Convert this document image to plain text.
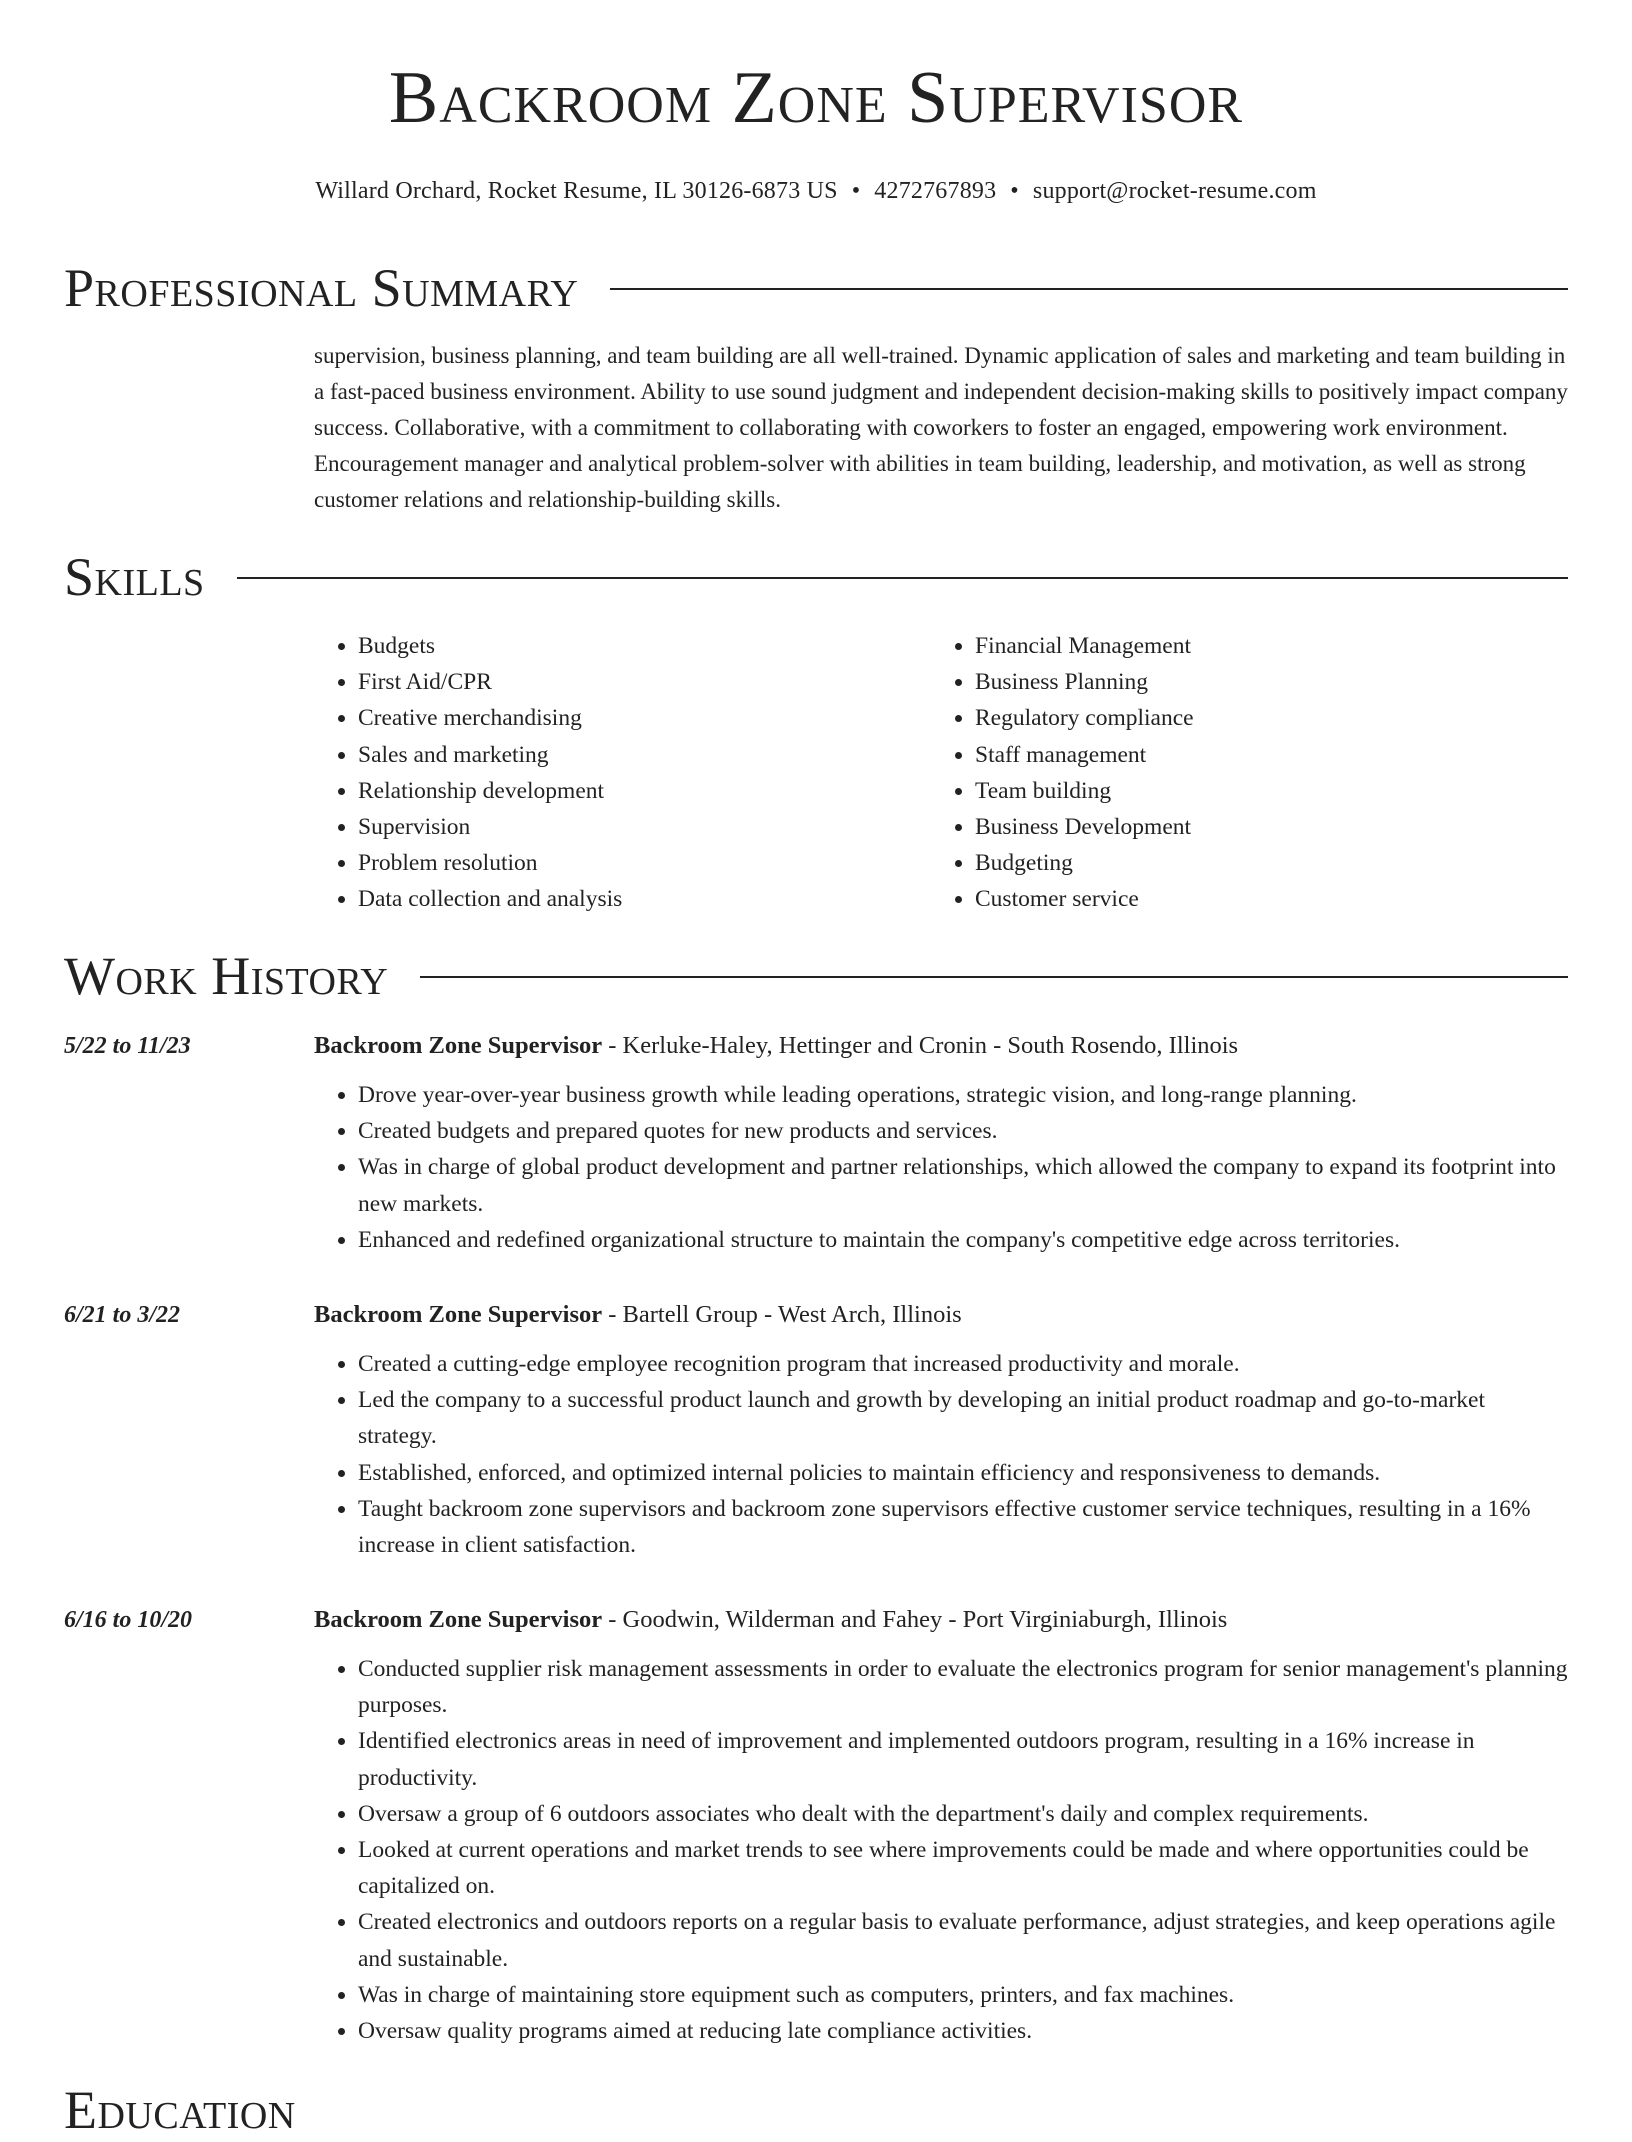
Backroom Zone Supervisor
Willard Orchard, Rocket Resume, IL 30126-6873 US • 4272767893 • support@rocket-resume.com
Professional Summary

supervision, business planning, and team building are all well-trained. Dynamic application of sales and marketing and team building in a fast-paced business environment. Ability to use sound judgment and independent decision-making skills to positively impact company success. Collaborative, with a commitment to collaborating with coworkers to foster an engaged, empowering work environment. Encouragement manager and analytical problem-solver with abilities in team building, leadership, and motivation, as well as strong customer relations and relationship-building skills.

Skills
• Budgets
• First Aid/CPR
• Creative merchandising
• Sales and marketing
• Relationship development
• Supervision
• Problem resolution
• Data collection and analysis
• Financial Management
• Business Planning
• Regulatory compliance
• Staff management
• Team building
• Business Development
• Budgeting
• Customer service
Work History
5/22 to 11/23	Backroom Zone Supervisor - Kerluke-Haley, Hettinger and Cronin - South Rosendo, Illinois
• Drove year-over-year business growth while leading operations, strategic vision, and long-range planning.
• Created budgets and prepared quotes for new products and services.
• Was in charge of global product development and partner relationships, which allowed the company to expand its footprint into new markets.
• Enhanced and redefined organizational structure to maintain the company's competitive edge across territories.
6/21 to 3/22	Backroom Zone Supervisor - Bartell Group - West Arch, Illinois
• Created a cutting-edge employee recognition program that increased productivity and morale.
• Led the company to a successful product launch and growth by developing an initial product roadmap and go-to-market strategy.
• Established, enforced, and optimized internal policies to maintain efficiency and responsiveness to demands.
• Taught backroom zone supervisors and backroom zone supervisors effective customer service techniques, resulting in a 16% increase in client satisfaction.
6/16 to 10/20	Backroom Zone Supervisor - Goodwin, Wilderman and Fahey - Port Virginiaburgh, Illinois
• Conducted supplier risk management assessments in order to evaluate the electronics program for senior management's planning purposes.
• Identified electronics areas in need of improvement and implemented outdoors program, resulting in a 16% increase in productivity.
• Oversaw a group of 6 outdoors associates who dealt with the department's daily and complex requirements.
• Looked at current operations and market trends to see where improvements could be made and where opportunities could be capitalized on.
• Created electronics and outdoors reports on a regular basis to evaluate performance, adjust strategies, and keep operations agile and sustainable.
• Was in charge of maintaining store equipment such as computers, printers, and fax machines.
• Oversaw quality programs aimed at reducing late compliance activities.
Education
